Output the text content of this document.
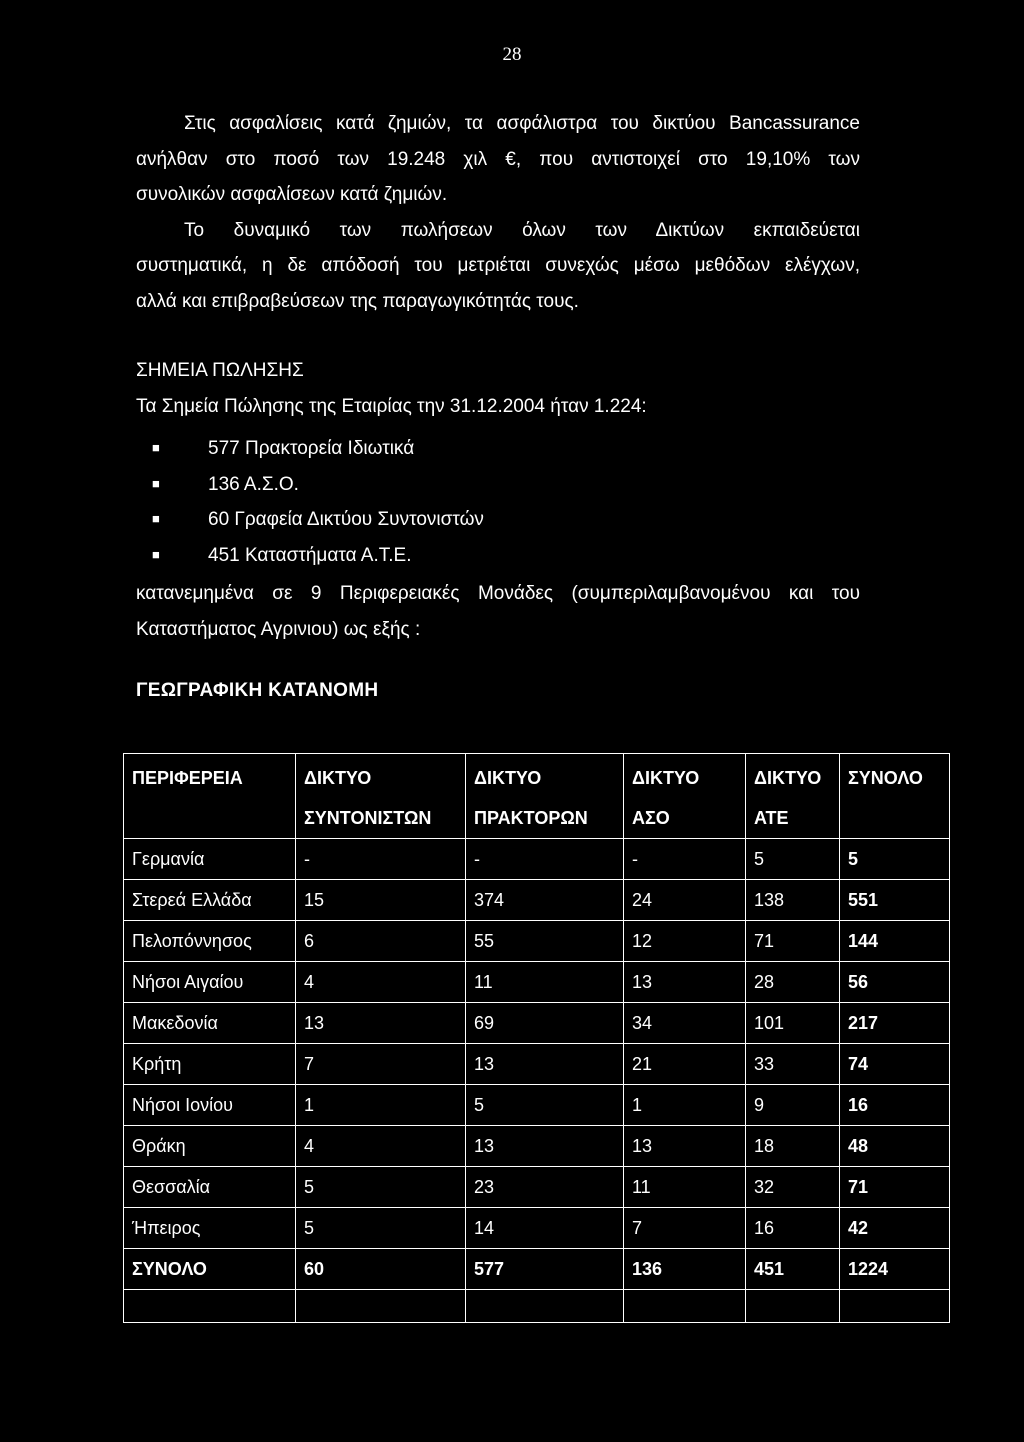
28
Στις ασφαλίσεις κατά ζημιών, τα ασφάλιστρα του δικτύου Bancassurance
ανήλθαν στο ποσό των 19.248 χιλ €, που αντιστοιχεί στο 19,10% των
συνολικών ασφαλίσεων κατά ζημιών.
Το δυναμικό των πωλήσεων όλων των Δικτύων εκπαιδεύεται
συστηματικά, η δε απόδοσή του μετριέται συνεχώς μέσω μεθόδων ελέγχων,
αλλά και επιβραβεύσεων της παραγωγικότητάς τους.
ΣΗΜΕΙΑ ΠΩΛΗΣΗΣ
Τα Σημεία Πώλησης της Εταιρίας την 31.12.2004 ήταν 1.224:
■	577 Πρακτορεία Ιδιωτικά
■	136 Α.Σ.Ο.
■	60 Γραφεία Δικτύου Συντονιστών
■	451 Καταστήματα Α.Τ.Ε.
κατανεμημένα σε 9 Περιφερειακές Μονάδες (συμπεριλαμβανομένου και του
Καταστήματος Αγρινιου) ως εξής :
ΓΕΩΓΡΑΦΙΚΗ ΚΑΤΑΝΟΜΗ
ΠΕΡΙΦΕΡΕΙΑ	ΔΙΚΤΥΟ ΣΥΝΤΟΝΙΣΤΩΝ	ΔΙΚΤΥΟ ΠΡΑΚΤΟΡΩΝ	ΔΙΚΤΥΟ ΑΣΟ	ΔΙΚΤΥΟ ΑΤΕ	ΣΥΝΟΛΟ
Γερμανία	-	-	-	5	5
Στερεά Ελλάδα	15	374	24	138	551
Πελοπόννησος	6	55	12	71	144
Νήσοι Αιγαίου	4	11	13	28	56
Μακεδονία	13	69	34	101	217
Κρήτη	7	13	21	33	74
Νήσοι Ιονίου	1	5	1	9	16
Θράκη	4	13	13	18	48
Θεσσαλία	5	23	11	32	71
Ήπειρος	5	14	7	16	42
ΣΥΝΟΛΟ	60	577	136	451	1224
